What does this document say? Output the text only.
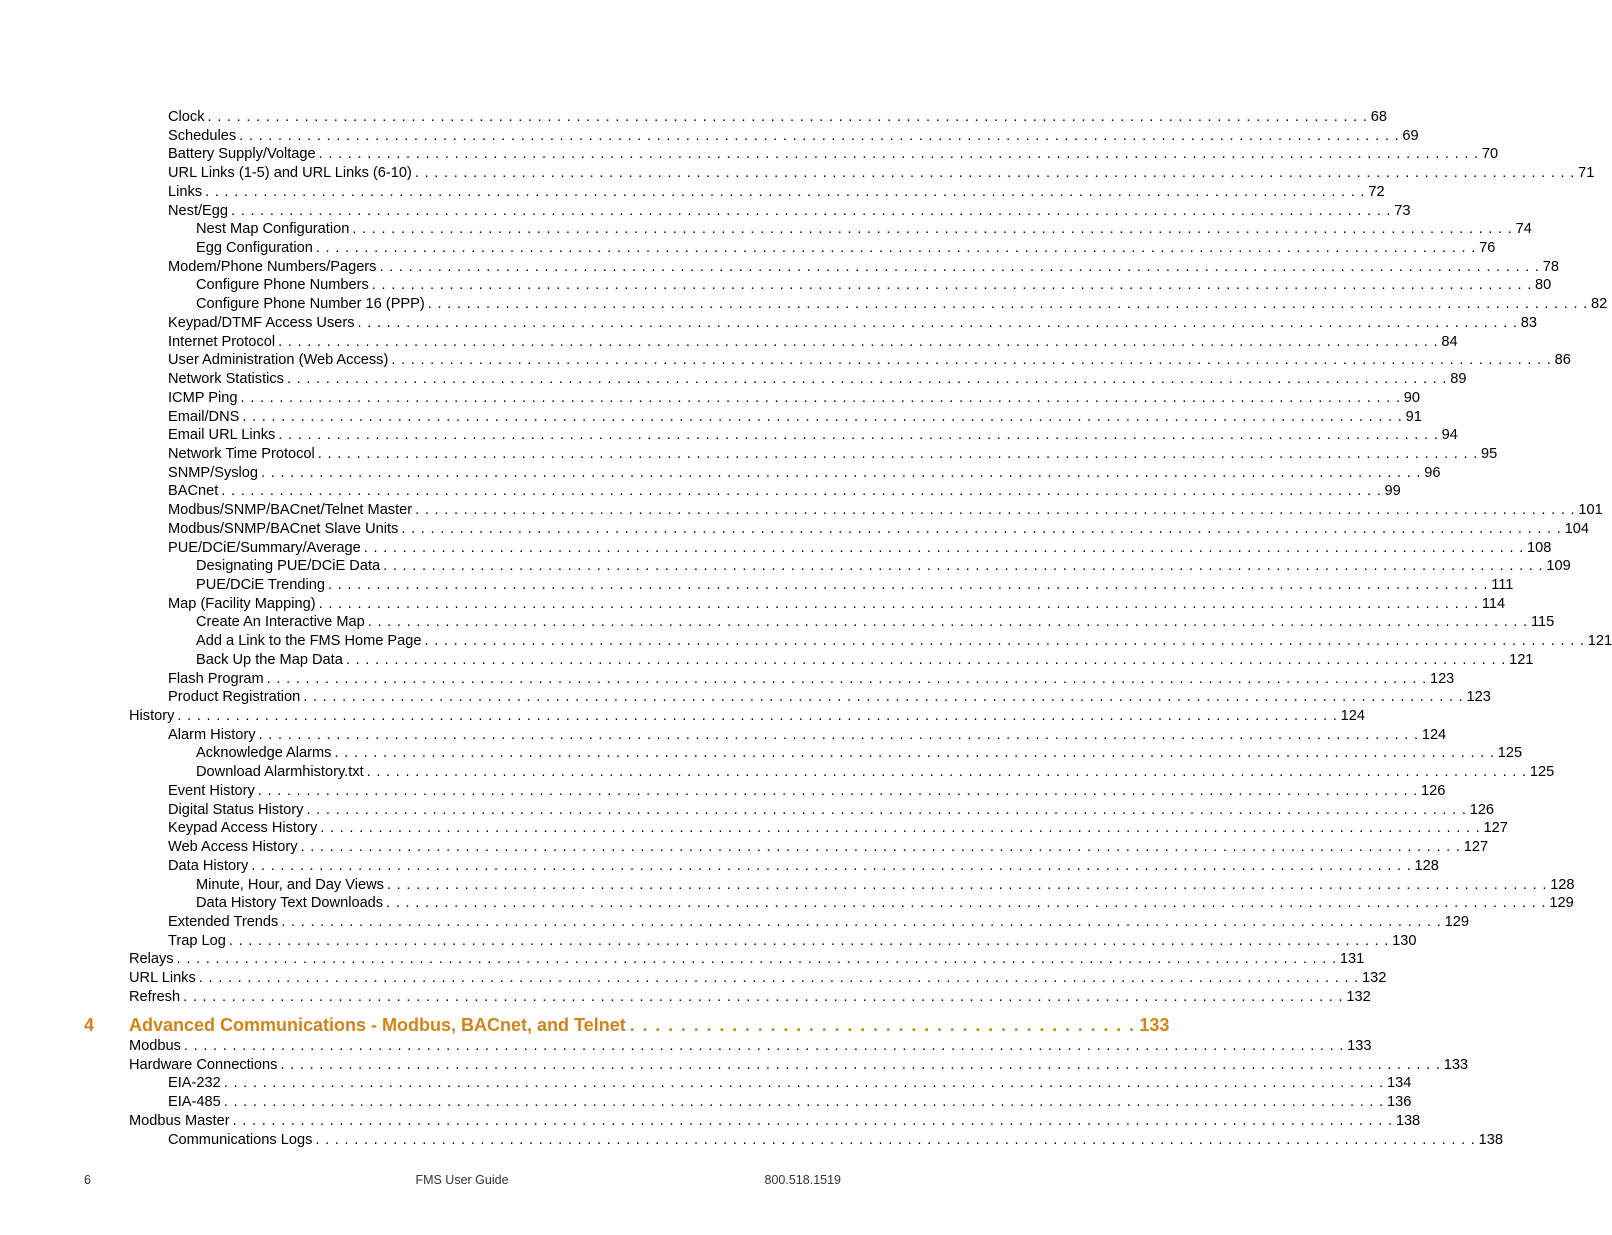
Clock . . . . . . . . . . . . . . . . . . . . . . . . . . . . . . . . . . . . . . . . . . . . . . . . . . . . . . . . . . . . . . . . . . . . . . . . . . . . . . . . . . . . . . . . . . . . . . . . . . . . . . . . . . . . . . . . . . . . . . . . 68
Schedules . . . . . . . . . . . . . . . . . . . . . . . . . . . . . . . . . . . . . . . . . . . . . . . . . . . . . . . . . . . . . . . . . . . . . . . . . . . . . . . . . . . . . . . . . . . . . . . . . . . . . . . . . . . . . . . . . . . . . . . . 69
Battery Supply/Voltage . . . . . . . . . . . . . . . . . . . . . . . . . . . . . . . . . . . . . . . . . . . . . . . . . . . . . . . . . . . . . . . . . . . . . . . . . . . . . . . . . . . . . . . . . . . . . . . . . . . . . . . . . . . . . . . . . . . . . . . . 70
URL Links (1-5) and URL Links (6-10) . . . . . . . . . . . . . . . . . . . . . . . . . . . . . . . . . . . . . . . . . . . . . . . . . . . . . . . . . . . . . . . . . . . . . . . . . . . . . . . . . . . . . . . . . . . . . . . . . . . . . . . . . . . . . . . . . . . . . . . . 71
Links . . . . . . . . . . . . . . . . . . . . . . . . . . . . . . . . . . . . . . . . . . . . . . . . . . . . . . . . . . . . . . . . . . . . . . . . . . . . . . . . . . . . . . . . . . . . . . . . . . . . . . . . . . . . . . . . . . . . . . . . 72
Nest/Egg . . . . . . . . . . . . . . . . . . . . . . . . . . . . . . . . . . . . . . . . . . . . . . . . . . . . . . . . . . . . . . . . . . . . . . . . . . . . . . . . . . . . . . . . . . . . . . . . . . . . . . . . . . . . . . . . . . . . . . . . 73
Nest Map Configuration . . . . . . . . . . . . . . . . . . . . . . . . . . . . . . . . . . . . . . . . . . . . . . . . . . . . . . . . . . . . . . . . . . . . . . . . . . . . . . . . . . . . . . . . . . . . . . . . . . . . . . . . . . . . . . . . . . . . . . . . 74
Egg Configuration . . . . . . . . . . . . . . . . . . . . . . . . . . . . . . . . . . . . . . . . . . . . . . . . . . . . . . . . . . . . . . . . . . . . . . . . . . . . . . . . . . . . . . . . . . . . . . . . . . . . . . . . . . . . . . . . . . . . . . . . 76
Modem/Phone Numbers/Pagers . . . . . . . . . . . . . . . . . . . . . . . . . . . . . . . . . . . . . . . . . . . . . . . . . . . . . . . . . . . . . . . . . . . . . . . . . . . . . . . . . . . . . . . . . . . . . . . . . . . . . . . . . . . . . . . . . . . . . . . . 78
Configure Phone Numbers . . . . . . . . . . . . . . . . . . . . . . . . . . . . . . . . . . . . . . . . . . . . . . . . . . . . . . . . . . . . . . . . . . . . . . . . . . . . . . . . . . . . . . . . . . . . . . . . . . . . . . . . . . . . . . . . . . . . . . . . 80
Configure Phone Number 16 (PPP) . . . . . . . . . . . . . . . . . . . . . . . . . . . . . . . . . . . . . . . . . . . . . . . . . . . . . . . . . . . . . . . . . . . . . . . . . . . . . . . . . . . . . . . . . . . . . . . . . . . . . . . . . . . . . . . . . . . . . . . . 82
Keypad/DTMF Access Users . . . . . . . . . . . . . . . . . . . . . . . . . . . . . . . . . . . . . . . . . . . . . . . . . . . . . . . . . . . . . . . . . . . . . . . . . . . . . . . . . . . . . . . . . . . . . . . . . . . . . . . . . . . . . . . . . . . . . . . . 83
Internet Protocol . . . . . . . . . . . . . . . . . . . . . . . . . . . . . . . . . . . . . . . . . . . . . . . . . . . . . . . . . . . . . . . . . . . . . . . . . . . . . . . . . . . . . . . . . . . . . . . . . . . . . . . . . . . . . . . . . . . . . . . . 84
User Administration (Web Access) . . . . . . . . . . . . . . . . . . . . . . . . . . . . . . . . . . . . . . . . . . . . . . . . . . . . . . . . . . . . . . . . . . . . . . . . . . . . . . . . . . . . . . . . . . . . . . . . . . . . . . . . . . . . . . . . . . . . . . . . 86
Network Statistics . . . . . . . . . . . . . . . . . . . . . . . . . . . . . . . . . . . . . . . . . . . . . . . . . . . . . . . . . . . . . . . . . . . . . . . . . . . . . . . . . . . . . . . . . . . . . . . . . . . . . . . . . . . . . . . . . . . . . . . . 89
ICMP Ping . . . . . . . . . . . . . . . . . . . . . . . . . . . . . . . . . . . . . . . . . . . . . . . . . . . . . . . . . . . . . . . . . . . . . . . . . . . . . . . . . . . . . . . . . . . . . . . . . . . . . . . . . . . . . . . . . . . . . . . . 90
Email/DNS . . . . . . . . . . . . . . . . . . . . . . . . . . . . . . . . . . . . . . . . . . . . . . . . . . . . . . . . . . . . . . . . . . . . . . . . . . . . . . . . . . . . . . . . . . . . . . . . . . . . . . . . . . . . . . . . . . . . . . . . 91
Email URL Links . . . . . . . . . . . . . . . . . . . . . . . . . . . . . . . . . . . . . . . . . . . . . . . . . . . . . . . . . . . . . . . . . . . . . . . . . . . . . . . . . . . . . . . . . . . . . . . . . . . . . . . . . . . . . . . . . . . . . . . . 94
Network Time Protocol . . . . . . . . . . . . . . . . . . . . . . . . . . . . . . . . . . . . . . . . . . . . . . . . . . . . . . . . . . . . . . . . . . . . . . . . . . . . . . . . . . . . . . . . . . . . . . . . . . . . . . . . . . . . . . . . . . . . . . . . 95
SNMP/Syslog . . . . . . . . . . . . . . . . . . . . . . . . . . . . . . . . . . . . . . . . . . . . . . . . . . . . . . . . . . . . . . . . . . . . . . . . . . . . . . . . . . . . . . . . . . . . . . . . . . . . . . . . . . . . . . . . . . . . . . . . 96
BACnet . . . . . . . . . . . . . . . . . . . . . . . . . . . . . . . . . . . . . . . . . . . . . . . . . . . . . . . . . . . . . . . . . . . . . . . . . . . . . . . . . . . . . . . . . . . . . . . . . . . . . . . . . . . . . . . . . . . . . . . . 99
Modbus/SNMP/BACnet/Telnet Master . . . . . . . . . . . . . . . . . . . . . . . . . . . . . . . . . . . . . . . . . . . . . . . . . . . . . . . . . . . . . . . . . . . . . . . . . . . . . . . . . . . . . . . . . . . . . . . . . . . . . . . . . . . . . . . . . . . . . . . . 101
Modbus/SNMP/BACnet Slave Units . . . . . . . . . . . . . . . . . . . . . . . . . . . . . . . . . . . . . . . . . . . . . . . . . . . . . . . . . . . . . . . . . . . . . . . . . . . . . . . . . . . . . . . . . . . . . . . . . . . . . . . . . . . . . . . . . . . . . . . . 104
PUE/DCiE/Summary/Average . . . . . . . . . . . . . . . . . . . . . . . . . . . . . . . . . . . . . . . . . . . . . . . . . . . . . . . . . . . . . . . . . . . . . . . . . . . . . . . . . . . . . . . . . . . . . . . . . . . . . . . . . . . . . . . . . . . . . . . . 108
Designating PUE/DCiE Data . . . . . . . . . . . . . . . . . . . . . . . . . . . . . . . . . . . . . . . . . . . . . . . . . . . . . . . . . . . . . . . . . . . . . . . . . . . . . . . . . . . . . . . . . . . . . . . . . . . . . . . . . . . . . . . . . . . . . . . . 109
PUE/DCiE Trending . . . . . . . . . . . . . . . . . . . . . . . . . . . . . . . . . . . . . . . . . . . . . . . . . . . . . . . . . . . . . . . . . . . . . . . . . . . . . . . . . . . . . . . . . . . . . . . . . . . . . . . . . . . . . . . . . . . . . . . . 111
Map (Facility Mapping) . . . . . . . . . . . . . . . . . . . . . . . . . . . . . . . . . . . . . . . . . . . . . . . . . . . . . . . . . . . . . . . . . . . . . . . . . . . . . . . . . . . . . . . . . . . . . . . . . . . . . . . . . . . . . . . . . . . . . . . . 114
Create An Interactive Map . . . . . . . . . . . . . . . . . . . . . . . . . . . . . . . . . . . . . . . . . . . . . . . . . . . . . . . . . . . . . . . . . . . . . . . . . . . . . . . . . . . . . . . . . . . . . . . . . . . . . . . . . . . . . . . . . . . . . . . . 115
Add a Link to the FMS Home Page . . . . . . . . . . . . . . . . . . . . . . . . . . . . . . . . . . . . . . . . . . . . . . . . . . . . . . . . . . . . . . . . . . . . . . . . . . . . . . . . . . . . . . . . . . . . . . . . . . . . . . . . . . . . . . . . . . . . . . . . 121
Back Up the Map Data . . . . . . . . . . . . . . . . . . . . . . . . . . . . . . . . . . . . . . . . . . . . . . . . . . . . . . . . . . . . . . . . . . . . . . . . . . . . . . . . . . . . . . . . . . . . . . . . . . . . . . . . . . . . . . . . . . . . . . . . 121
Flash Program . . . . . . . . . . . . . . . . . . . . . . . . . . . . . . . . . . . . . . . . . . . . . . . . . . . . . . . . . . . . . . . . . . . . . . . . . . . . . . . . . . . . . . . . . . . . . . . . . . . . . . . . . . . . . . . . . . . . . . . . 123
Product Registration . . . . . . . . . . . . . . . . . . . . . . . . . . . . . . . . . . . . . . . . . . . . . . . . . . . . . . . . . . . . . . . . . . . . . . . . . . . . . . . . . . . . . . . . . . . . . . . . . . . . . . . . . . . . . . . . . . . . . . . . 123
History . . . . . . . . . . . . . . . . . . . . . . . . . . . . . . . . . . . . . . . . . . . . . . . . . . . . . . . . . . . . . . . . . . . . . . . . . . . . . . . . . . . . . . . . . . . . . . . . . . . . . . . . . . . . . . . . . . . . . . . . 124
Alarm History . . . . . . . . . . . . . . . . . . . . . . . . . . . . . . . . . . . . . . . . . . . . . . . . . . . . . . . . . . . . . . . . . . . . . . . . . . . . . . . . . . . . . . . . . . . . . . . . . . . . . . . . . . . . . . . . . . . . . . . . 124
Acknowledge Alarms . . . . . . . . . . . . . . . . . . . . . . . . . . . . . . . . . . . . . . . . . . . . . . . . . . . . . . . . . . . . . . . . . . . . . . . . . . . . . . . . . . . . . . . . . . . . . . . . . . . . . . . . . . . . . . . . . . . . . . . . 125
Download Alarmhistory.txt . . . . . . . . . . . . . . . . . . . . . . . . . . . . . . . . . . . . . . . . . . . . . . . . . . . . . . . . . . . . . . . . . . . . . . . . . . . . . . . . . . . . . . . . . . . . . . . . . . . . . . . . . . . . . . . . . . . . . . . . 125
Event History . . . . . . . . . . . . . . . . . . . . . . . . . . . . . . . . . . . . . . . . . . . . . . . . . . . . . . . . . . . . . . . . . . . . . . . . . . . . . . . . . . . . . . . . . . . . . . . . . . . . . . . . . . . . . . . . . . . . . . . . 126
Digital Status History . . . . . . . . . . . . . . . . . . . . . . . . . . . . . . . . . . . . . . . . . . . . . . . . . . . . . . . . . . . . . . . . . . . . . . . . . . . . . . . . . . . . . . . . . . . . . . . . . . . . . . . . . . . . . . . . . . . . . . . . 126
Keypad Access History . . . . . . . . . . . . . . . . . . . . . . . . . . . . . . . . . . . . . . . . . . . . . . . . . . . . . . . . . . . . . . . . . . . . . . . . . . . . . . . . . . . . . . . . . . . . . . . . . . . . . . . . . . . . . . . . . . . . . . . . 127
Web Access History . . . . . . . . . . . . . . . . . . . . . . . . . . . . . . . . . . . . . . . . . . . . . . . . . . . . . . . . . . . . . . . . . . . . . . . . . . . . . . . . . . . . . . . . . . . . . . . . . . . . . . . . . . . . . . . . . . . . . . . . 127
Data History . . . . . . . . . . . . . . . . . . . . . . . . . . . . . . . . . . . . . . . . . . . . . . . . . . . . . . . . . . . . . . . . . . . . . . . . . . . . . . . . . . . . . . . . . . . . . . . . . . . . . . . . . . . . . . . . . . . . . . . . 128
Minute, Hour, and Day Views . . . . . . . . . . . . . . . . . . . . . . . . . . . . . . . . . . . . . . . . . . . . . . . . . . . . . . . . . . . . . . . . . . . . . . . . . . . . . . . . . . . . . . . . . . . . . . . . . . . . . . . . . . . . . . . . . . . . . . . . 128
Data History Text Downloads . . . . . . . . . . . . . . . . . . . . . . . . . . . . . . . . . . . . . . . . . . . . . . . . . . . . . . . . . . . . . . . . . . . . . . . . . . . . . . . . . . . . . . . . . . . . . . . . . . . . . . . . . . . . . . . . . . . . . . . . 129
Extended Trends . . . . . . . . . . . . . . . . . . . . . . . . . . . . . . . . . . . . . . . . . . . . . . . . . . . . . . . . . . . . . . . . . . . . . . . . . . . . . . . . . . . . . . . . . . . . . . . . . . . . . . . . . . . . . . . . . . . . . . . . 129
Trap Log . . . . . . . . . . . . . . . . . . . . . . . . . . . . . . . . . . . . . . . . . . . . . . . . . . . . . . . . . . . . . . . . . . . . . . . . . . . . . . . . . . . . . . . . . . . . . . . . . . . . . . . . . . . . . . . . . . . . . . . . 130
Relays . . . . . . . . . . . . . . . . . . . . . . . . . . . . . . . . . . . . . . . . . . . . . . . . . . . . . . . . . . . . . . . . . . . . . . . . . . . . . . . . . . . . . . . . . . . . . . . . . . . . . . . . . . . . . . . . . . . . . . . . 131
URL Links . . . . . . . . . . . . . . . . . . . . . . . . . . . . . . . . . . . . . . . . . . . . . . . . . . . . . . . . . . . . . . . . . . . . . . . . . . . . . . . . . . . . . . . . . . . . . . . . . . . . . . . . . . . . . . . . . . . . . . . . 132
Refresh . . . . . . . . . . . . . . . . . . . . . . . . . . . . . . . . . . . . . . . . . . . . . . . . . . . . . . . . . . . . . . . . . . . . . . . . . . . . . . . . . . . . . . . . . . . . . . . . . . . . . . . . . . . . . . . . . . . . . . . . 132
Modbus . . . . . . . . . . . . . . . . . . . . . . . . . . . . . . . . . . . . . . . . . . . . . . . . . . . . . . . . . . . . . . . . . . . . . . . . . . . . . . . . . . . . . . . . . . . . . . . . . . . . . . . . . . . . . . . . . . . . . . . . 133
Hardware Connections . . . . . . . . . . . . . . . . . . . . . . . . . . . . . . . . . . . . . . . . . . . . . . . . . . . . . . . . . . . . . . . . . . . . . . . . . . . . . . . . . . . . . . . . . . . . . . . . . . . . . . . . . . . . . . . . . . . . . . . . 133
EIA-232 . . . . . . . . . . . . . . . . . . . . . . . . . . . . . . . . . . . . . . . . . . . . . . . . . . . . . . . . . . . . . . . . . . . . . . . . . . . . . . . . . . . . . . . . . . . . . . . . . . . . . . . . . . . . . . . . . . . . . . . . 134
EIA-485 . . . . . . . . . . . . . . . . . . . . . . . . . . . . . . . . . . . . . . . . . . . . . . . . . . . . . . . . . . . . . . . . . . . . . . . . . . . . . . . . . . . . . . . . . . . . . . . . . . . . . . . . . . . . . . . . . . . . . . . . 136
Modbus Master . . . . . . . . . . . . . . . . . . . . . . . . . . . . . . . . . . . . . . . . . . . . . . . . . . . . . . . . . . . . . . . . . . . . . . . . . . . . . . . . . . . . . . . . . . . . . . . . . . . . . . . . . . . . . . . . . . . . . . . . 138
Communications Logs . . . . . . . . . . . . . . . . . . . . . . . . . . . . . . . . . . . . . . . . . . . . . . . . . . . . . . . . . . . . . . . . . . . . . . . . . . . . . . . . . . . . . . . . . . . . . . . . . . . . . . . . . . . . . . . . . . . . . . . . 138
4	Advanced Communications - Modbus, BACnet, and Telnet . . . . . . . . . . . . . . . . . . . . . . . . . . . . . . . . . . . . . . . . 133
6	FMS User Guide	800.518.1519
